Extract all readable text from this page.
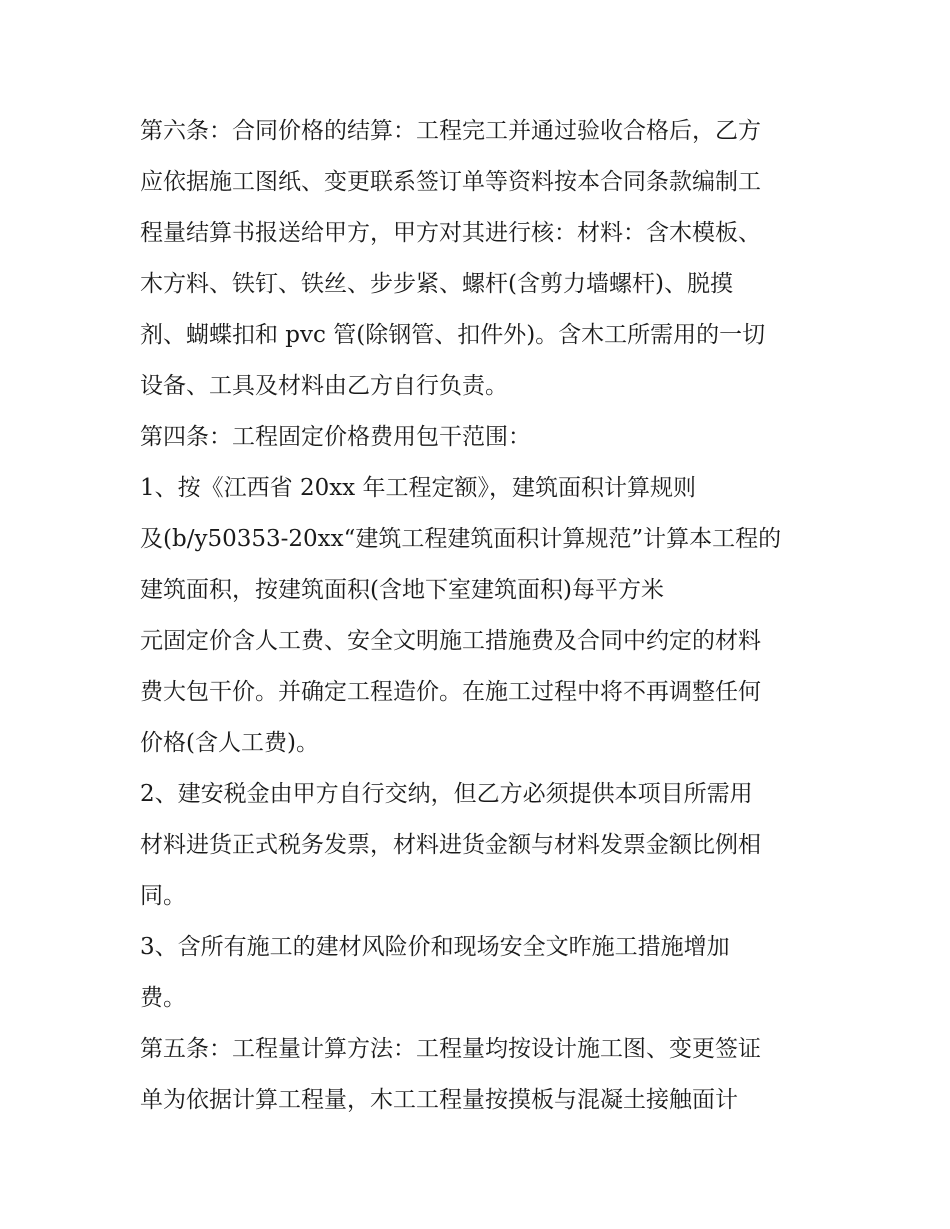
第六条：合同价格的结算：工程完工并通过验收合格后，乙方
应依据施工图纸、变更联系签订单等资料按本合同条款编制工
程量结算书报送给甲方，甲方对其进行核：材料：含木模板、
木方料、铁钉、铁丝、步步紧、螺杆(含剪力墙螺杆)、脱摸
剂、蝴蝶扣和 pvc 管(除钢管、扣件外)。含木工所需用的一切
设备、工具及材料由乙方自行负责。
第四条：工程固定价格费用包干范围：
1、按《江西省 20xx 年工程定额》，建筑面积计算规则
及(b/y50353-20xx“建筑工程建筑面积计算规范”计算本工程的
建筑面积，按建筑面积(含地下室建筑面积)每平方米
元固定价含人工费、安全文明施工措施费及合同中约定的材料
费大包干价。并确定工程造价。在施工过程中将不再调整任何
价格(含人工费)。
2、建安税金由甲方自行交纳，但乙方必须提供本项目所需用
材料进货正式税务发票，材料进货金额与材料发票金额比例相
同。
3、含所有施工的建材风险价和现场安全文昨施工措施增加
费。
第五条：工程量计算方法：工程量均按设计施工图、变更签证
单为依据计算工程量，木工工程量按摸板与混凝土接触面计
